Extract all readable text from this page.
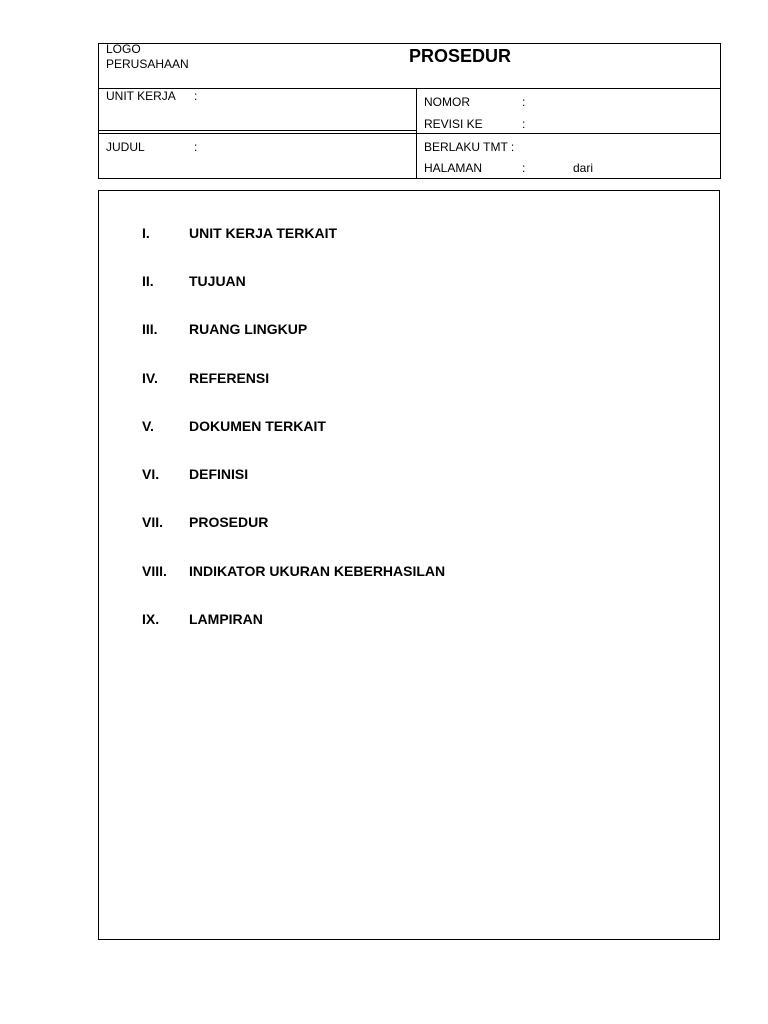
LOGO
PERUSAHAAN	PROSEDUR
UNIT KERJA :
JUDUL	:
NOMOR	:
REVISI KE	:
BERLAKU TMT :
HALAMAN	:	dari
I.	UNIT KERJA TERKAIT
II.	TUJUAN
III. RUANG LINGKUP
IV. REFERENSI
V.	DOKUMEN TERKAIT
VI. DEFINISI
VII. PROSEDUR
VIII. INDIKATOR UKURAN KEBERHASILAN
IX. LAMPIRAN
